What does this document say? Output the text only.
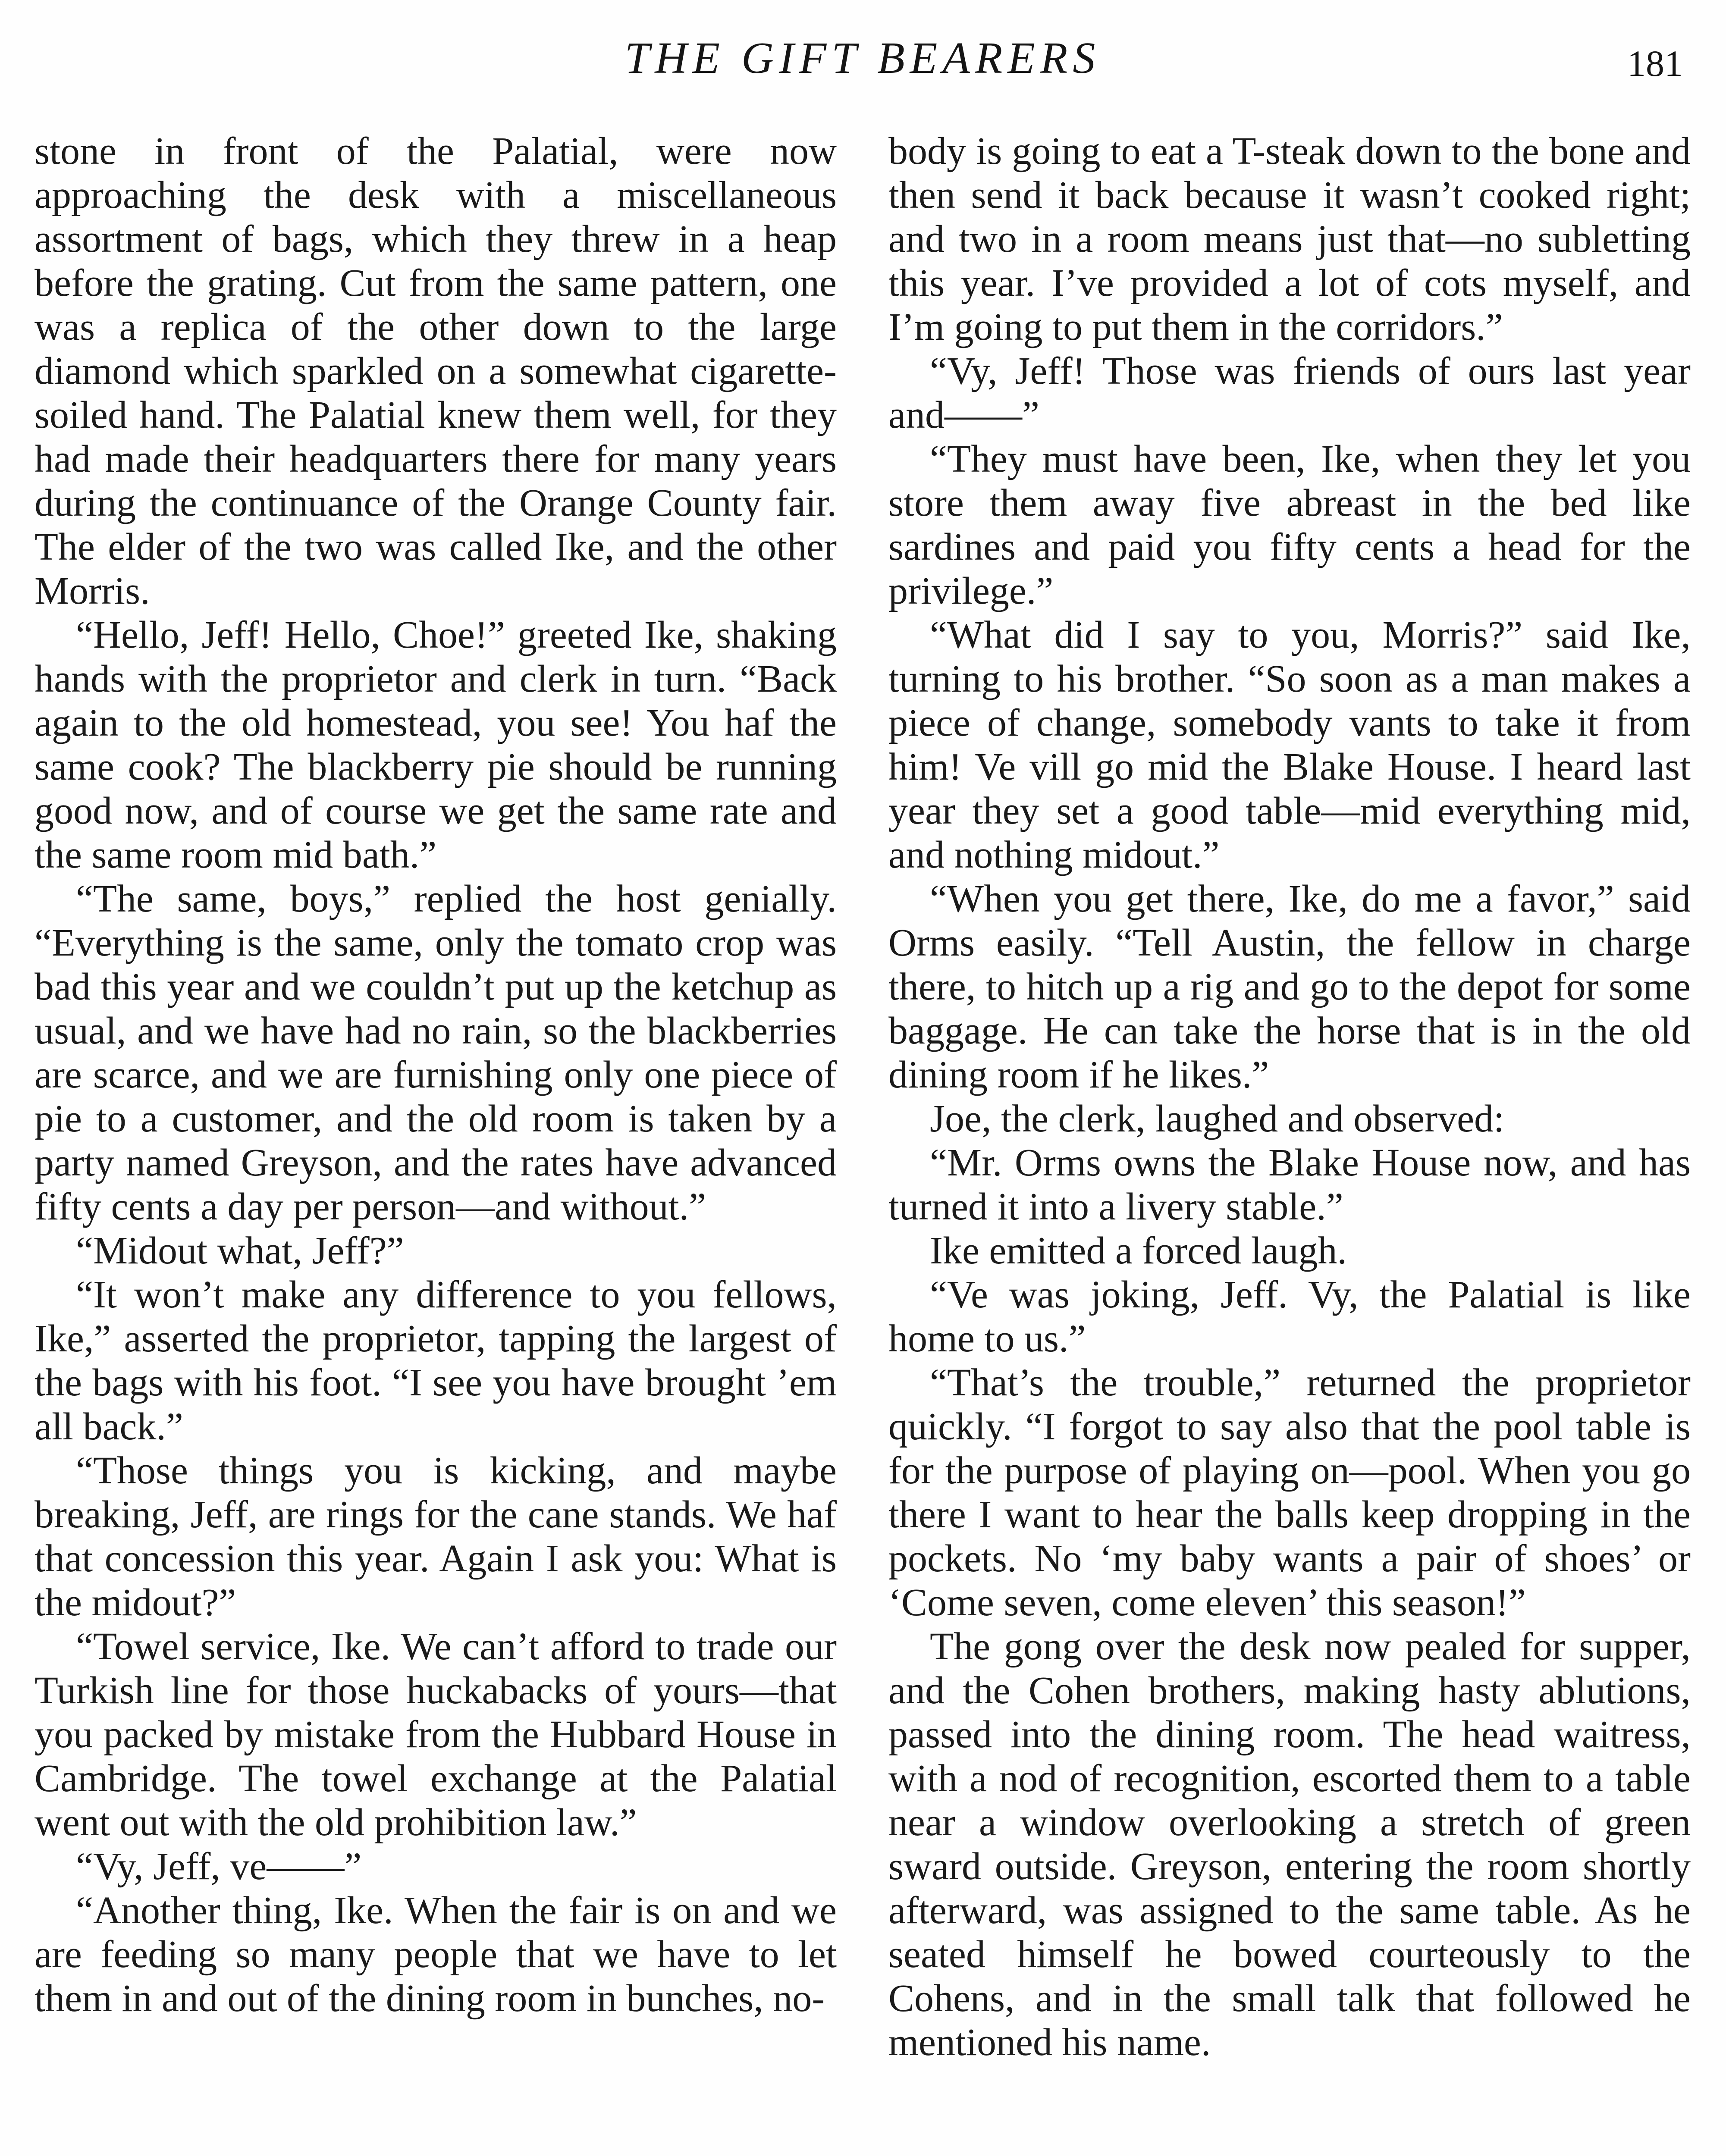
THE GIFT BEARERS	181

stone in front of the Palatial, were now approaching the desk with a miscellaneous assortment of bags, which they threw in a heap before the grating. Cut from the same pattern, one was a replica of the other down to the large diamond which sparkled on a somewhat cigarette-soiled hand. The Palatial knew them well, for they had made their headquarters there for many years during the continuance of the Orange County fair. The elder of the two was called Ike, and the other Morris.

“Hello, Jeff! Hello, Choe!” greeted Ike, shaking hands with the proprietor and clerk in turn. “Back again to the old homestead, you see! You haf the same cook? The blackberry pie should be running good now, and of course we get the same rate and the same room mid bath.”

“The same, boys,” replied the host genially. “Everything is the same, only the tomato crop was bad this year and we couldn’t put up the ketchup as usual, and we have had no rain, so the blackberries are scarce, and we are furnishing only one piece of pie to a customer, and the old room is taken by a party named Greyson, and the rates have advanced fifty cents a day per person—and without.”

“Midout what, Jeff?”

“It won’t make any difference to you fellows, Ike,” asserted the proprietor, tapping the largest of the bags with his foot. “I see you have brought ’em all back.”

“Those things you is kicking, and maybe breaking, Jeff, are rings for the cane stands. We haf that concession this year. Again I ask you: What is the midout?”

“Towel service, Ike. We can’t afford to trade our Turkish line for those huckabacks of yours—that you packed by mistake from the Hubbard House in Cambridge. The towel exchange at the Palatial went out with the old prohibition law.”

“Vy, Jeff, ve——”

“Another thing, Ike. When the fair is on and we are feeding so many people that we have to let them in and out of the dining room in bunches, no-

body is going to eat a T-steak down to the bone and then send it back because it wasn’t cooked right; and two in a room means just that—no subletting this year. I’ve provided a lot of cots myself, and I’m going to put them in the corridors.”

“Vy, Jeff! Those was friends of ours last year and——”

“They must have been, Ike, when they let you store them away five abreast in the bed like sardines and paid you fifty cents a head for the privilege.”

“What did I say to you, Morris?” said Ike, turning to his brother. “So soon as a man makes a piece of change, somebody vants to take it from him! Ve vill go mid the Blake House. I heard last year they set a good table—mid everything mid, and nothing midout.”

“When you get there, Ike, do me a favor,” said Orms easily. “Tell Austin, the fellow in charge there, to hitch up a rig and go to the depot for some baggage. He can take the horse that is in the old dining room if he likes.”

Joe, the clerk, laughed and observed:

“Mr. Orms owns the Blake House now, and has turned it into a livery stable.”

Ike emitted a forced laugh.

“Ve was joking, Jeff. Vy, the Palatial is like home to us.”

“That’s the trouble,” returned the proprietor quickly. “I forgot to say also that the pool table is for the purpose of playing on—pool. When you go there I want to hear the balls keep dropping in the pockets. No ‘my baby wants a pair of shoes’ or ‘Come seven, come eleven’ this season!”

The gong over the desk now pealed for supper, and the Cohen brothers, making hasty ablutions, passed into the dining room. The head waitress, with a nod of recognition, escorted them to a table near a window overlooking a stretch of green sward outside. Greyson, entering the room shortly afterward, was assigned to the same table. As he seated himself he bowed courteously to the Cohens, and in the small talk that followed he mentioned his name.
